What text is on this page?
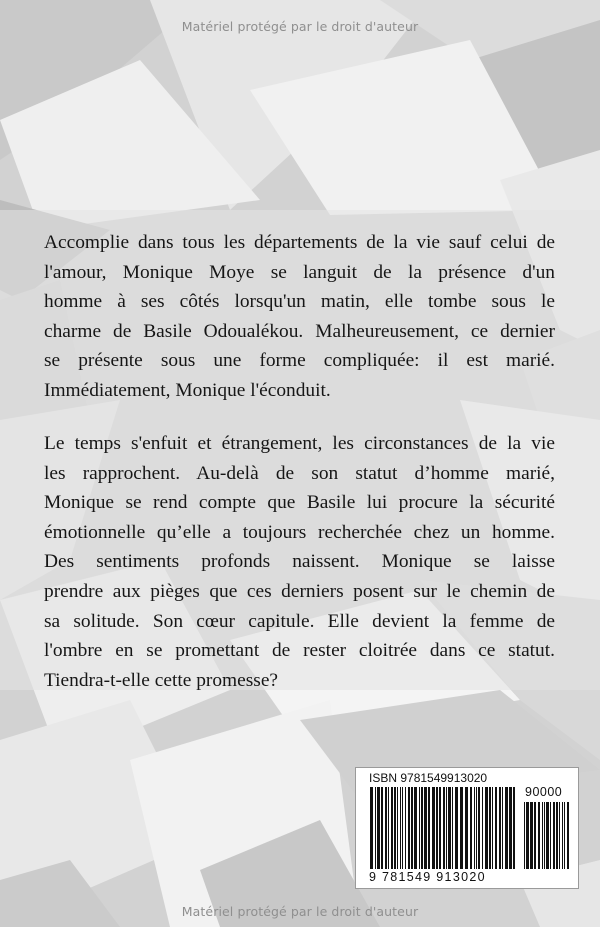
Matériel protégé par le droit d'auteur
Accomplie dans tous les départements de la vie sauf celui de
l'amour, Monique Moye se languit de la présence d'un
homme à ses côtés lorsqu'un matin, elle tombe sous le
charme de Basile Odoualékou. Malheureusement, ce dernier
se présente sous une forme compliquée: il est marié.
Immédiatement, Monique l'éconduit.
Le temps s'enfuit et étrangement, les circonstances de la vie
les rapprochent. Au-delà de son statut d’homme marié,
Monique se rend compte que Basile lui procure la sécurité
émotionnelle qu’elle a toujours recherchée chez un homme.
Des sentiments profonds naissent. Monique se laisse
prendre aux pièges que ces derniers posent sur le chemin de
sa solitude. Son cœur capitule. Elle devient la femme de
l'ombre en se promettant de rester cloitrée dans ce statut.
Tiendra-t-elle cette promesse?
ISBN 9781549913020
90000
9 781549 913020
Matériel protégé par le droit d'auteur
